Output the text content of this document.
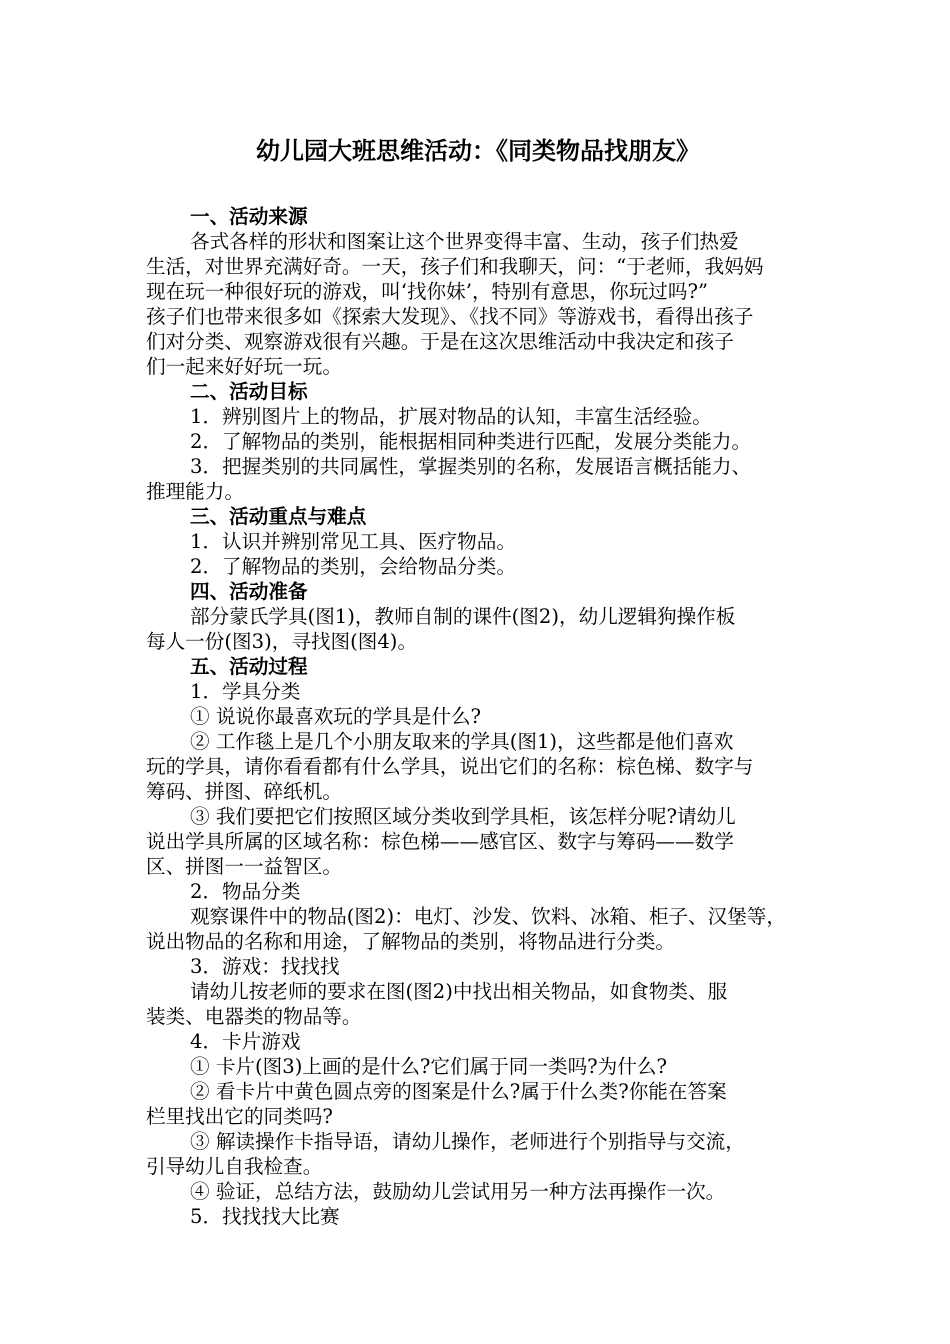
幼儿园大班思维活动：《同类物品找朋友》
一、活动来源
各式各样的形状和图案让这个世界变得丰富、生动，孩子们热爱
生活，对世界充满好奇。一天，孩子们和我聊天，问：“于老师，我妈妈
现在玩一种很好玩的游戏，叫‘找你妹’，特别有意思，你玩过吗?”
孩子们也带来很多如《探索大发现》、《找不同》等游戏书，看得出孩子
们对分类、观察游戏很有兴趣。于是在这次思维活动中我决定和孩子
们一起来好好玩一玩。
二、活动目标
1．辨别图片上的物品，扩展对物品的认知，丰富生活经验。
2．了解物品的类别，能根据相同种类进行匹配，发展分类能力。
3．把握类别的共同属性，掌握类别的名称，发展语言概括能力、
推理能力。
三、活动重点与难点
1．认识并辨别常见工具、医疗物品。
2．了解物品的类别，会给物品分类。
四、活动准备
部分蒙氏学具(图1)，教师自制的课件(图2)，幼儿逻辑狗操作板
每人一份(图3)，寻找图(图4)。
五、活动过程
1．学具分类
① 说说你最喜欢玩的学具是什么?
② 工作毯上是几个小朋友取来的学具(图1)，这些都是他们喜欢
玩的学具，请你看看都有什么学具，说出它们的名称：棕色梯、数字与
筹码、拼图、碎纸机。
③ 我们要把它们按照区域分类收到学具柜，该怎样分呢?请幼儿
说出学具所属的区域名称：棕色梯——感官区、数字与筹码——数学
区、拼图一一益智区。
2．物品分类
观察课件中的物品(图2)：电灯、沙发、饮料、冰箱、柜子、汉堡等，
说出物品的名称和用途，了解物品的类别，将物品进行分类。
3．游戏：找找找
请幼儿按老师的要求在图(图2)中找出相关物品，如食物类、服
装类、电器类的物品等。
4．卡片游戏
① 卡片(图3)上画的是什么?它们属于同一类吗?为什么?
② 看卡片中黄色圆点旁的图案是什么?属于什么类?你能在答案
栏里找出它的同类吗?
③ 解读操作卡指导语，请幼儿操作，老师进行个别指导与交流，
引导幼儿自我检查。
④ 验证，总结方法，鼓励幼儿尝试用另一种方法再操作一次。
5．找找找大比赛
